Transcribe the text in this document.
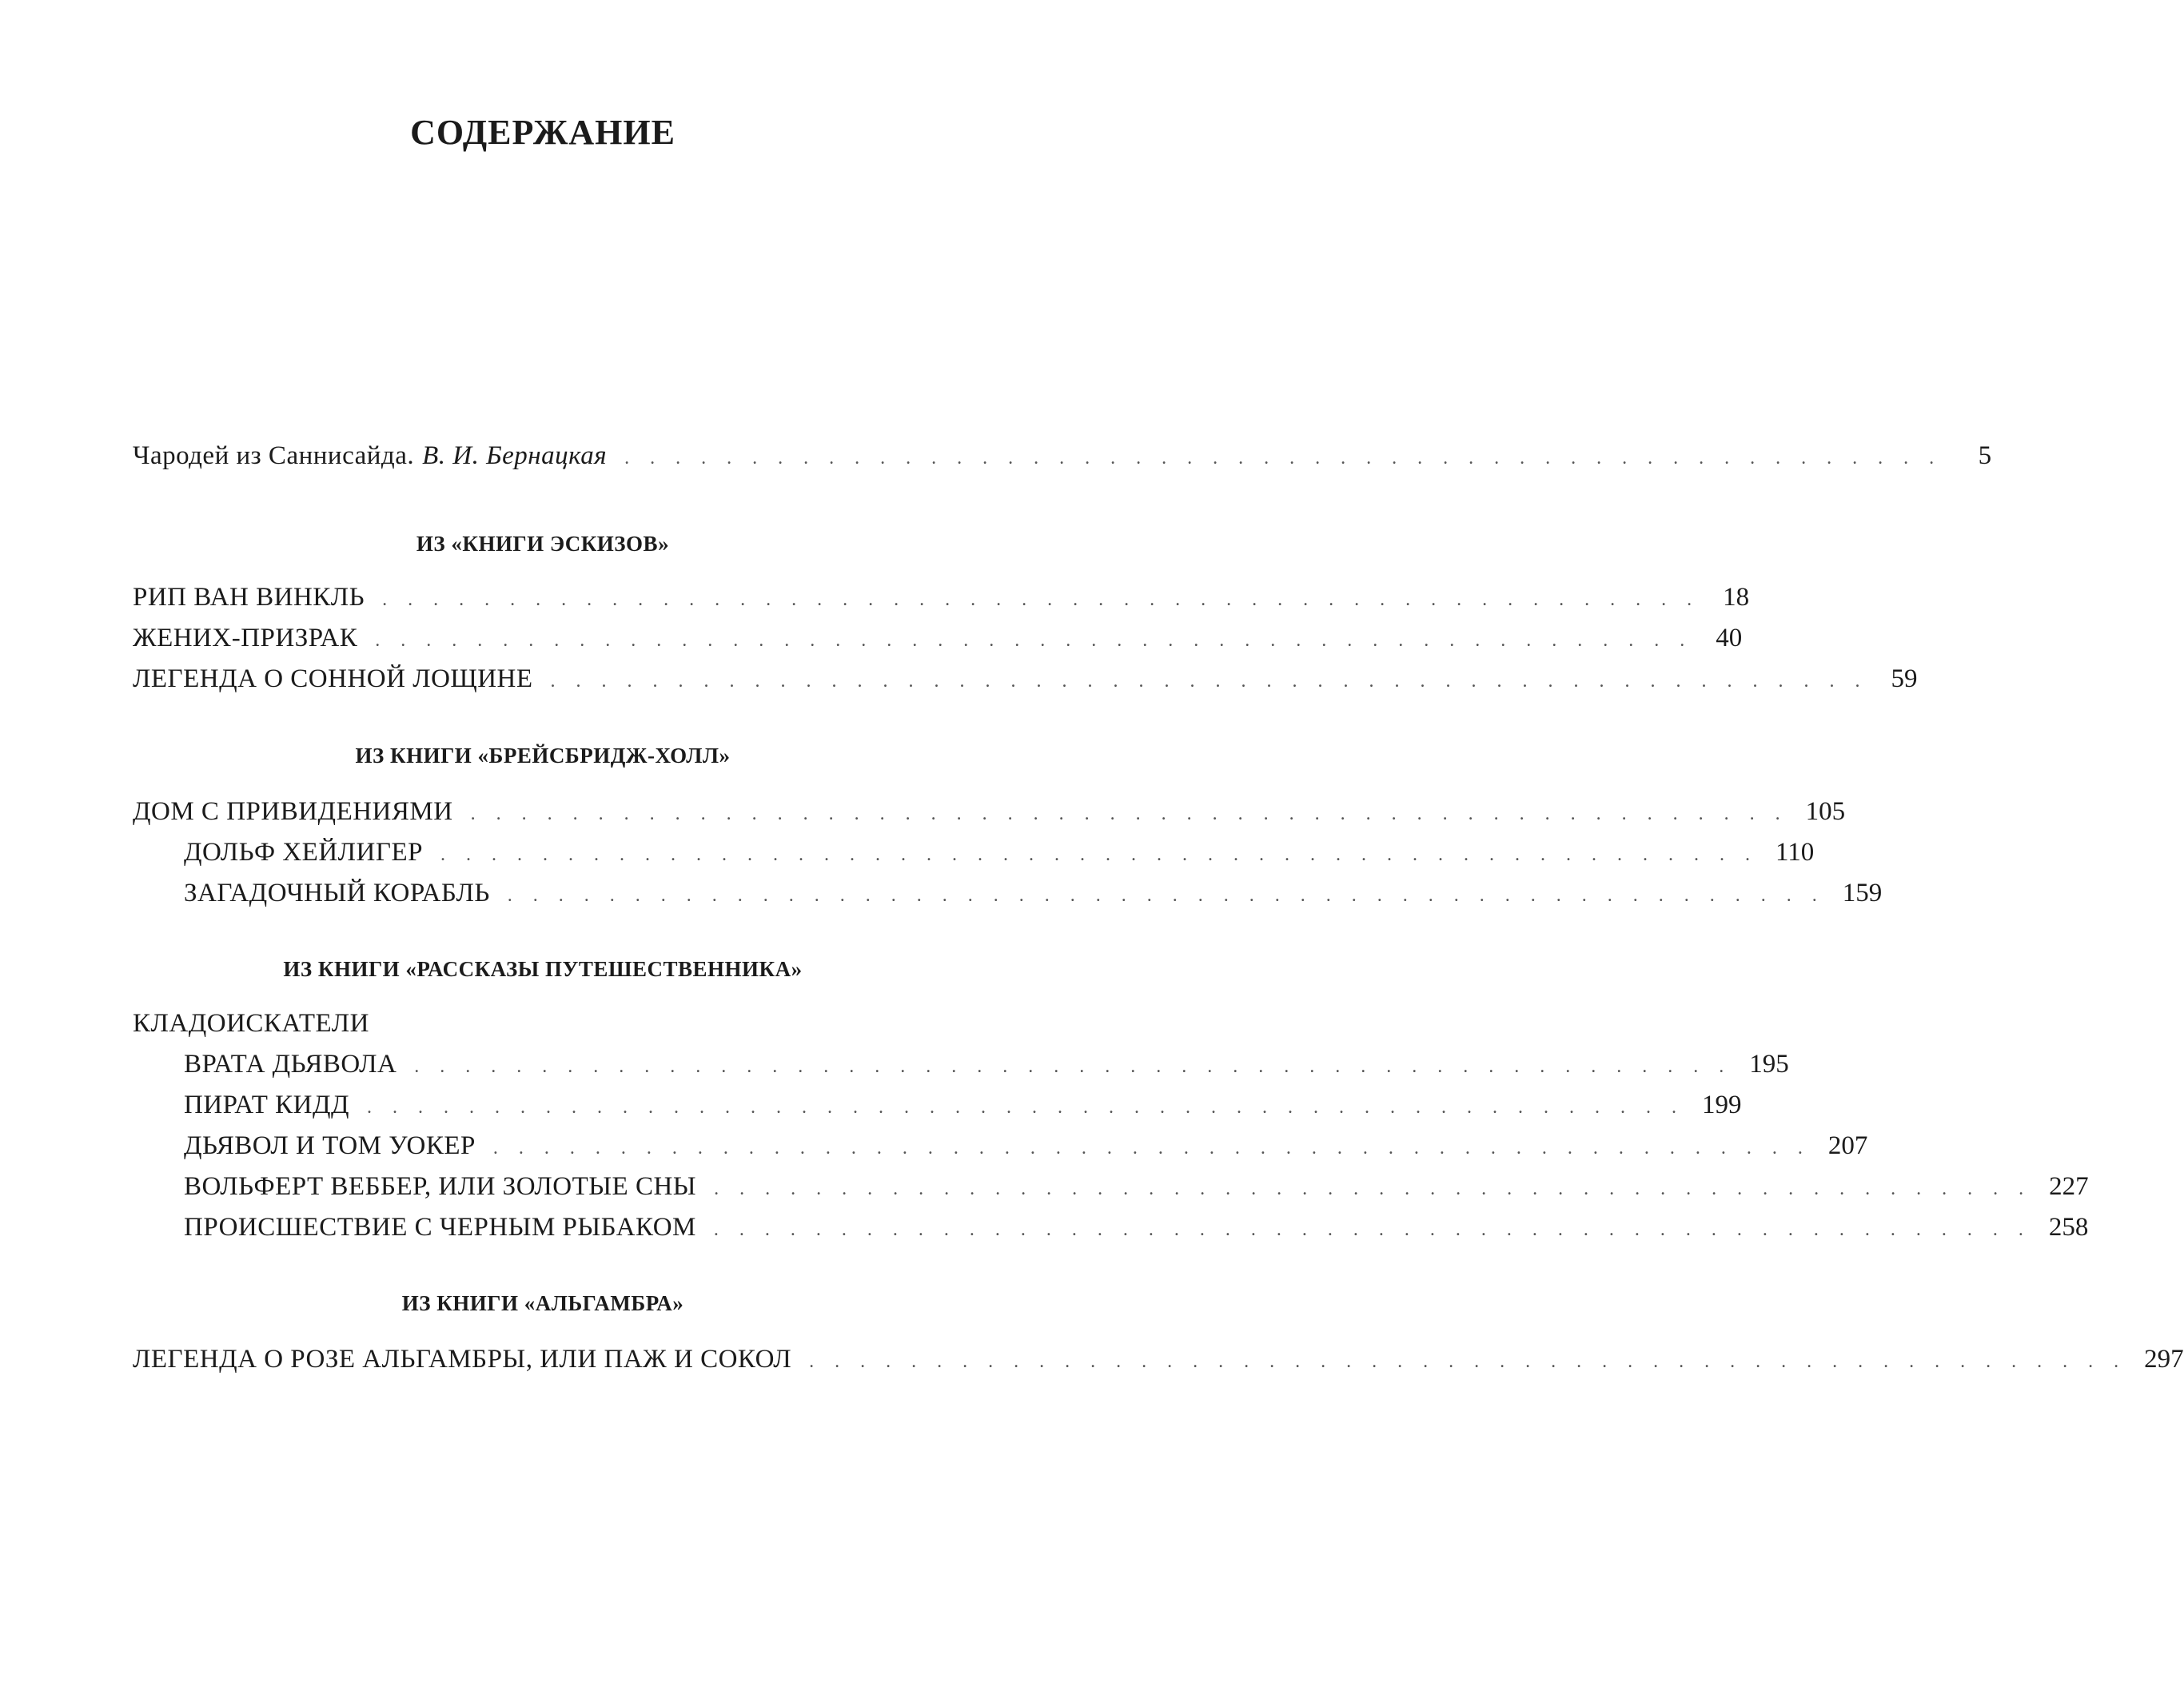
СОДЕРЖАНИЕ
Чародей из Саннисайда. В. И. Бернацкая . . . . . . . . . . . . . . . . . . . . . . . . . . . . . . . . . . . . . . . . . . . . . . . . . . . .	5
ИЗ «КНИГИ ЭСКИЗОВ»
РИП ВАН ВИНКЛЬ . . . . . . . . . . . . . . . . . . . . . . . . . . . . . . . . . . . . . . . . . . . . . . . . . . . . 18
ЖЕНИХ-ПРИЗРАК . . . . . . . . . . . . . . . . . . . . . . . . . . . . . . . . . . . . . . . . . . . . . . . . . . . . 40
ЛЕГЕНДА О СОННОЙ ЛОЩИНЕ . . . . . . . . . . . . . . . . . . . . . . . . . . . . . . . . . . . . . . . . . . . . . . . . . . . . 59
ИЗ КНИГИ «БРЕЙСБРИДЖ-ХОЛЛ»
ДОМ С ПРИВИДЕНИЯМИ . . . . . . . . . . . . . . . . . . . . . . . . . . . . . . . . . . . . . . . . . . . . . . . . . . . . 105
ДОЛЬФ ХЕЙЛИГЕР . . . . . . . . . . . . . . . . . . . . . . . . . . . . . . . . . . . . . . . . . . . . . . . . . . . . 110
ЗАГАДОЧНЫЙ КОРАБЛЬ . . . . . . . . . . . . . . . . . . . . . . . . . . . . . . . . . . . . . . . . . . . . . . . . . . . . 159
ИЗ КНИГИ «РАССКАЗЫ ПУТЕШЕСТВЕННИКА»
КЛАДОИСКАТЕЛИ
ВРАТА ДЬЯВОЛА . . . . . . . . . . . . . . . . . . . . . . . . . . . . . . . . . . . . . . . . . . . . . . . . . . . . 195
ПИРАТ КИДД . . . . . . . . . . . . . . . . . . . . . . . . . . . . . . . . . . . . . . . . . . . . . . . . . . . . 199
ДЬЯВОЛ И ТОМ УОКЕР . . . . . . . . . . . . . . . . . . . . . . . . . . . . . . . . . . . . . . . . . . . . . . . . . . . . 207
ВОЛЬФЕРТ ВЕББЕР, ИЛИ ЗОЛОТЫЕ СНЫ . . . . . . . . . . . . . . . . . . . . . . . . . . . . . . . . . . . . . . . . . . . . . . . . . . . . 227
ПРОИСШЕСТВИЕ С ЧЕРНЫМ РЫБАКОМ . . . . . . . . . . . . . . . . . . . . . . . . . . . . . . . . . . . . . . . . . . . . . . . . . . . . 258
ИЗ КНИГИ «АЛЬГАМБРА»
ЛЕГЕНДА О РОЗЕ АЛЬГАМБРЫ, ИЛИ ПАЖ И СОКОЛ . . . . . . . . . . . . . . . . . . . . . . . . . . . . . . . . . . . . . . . . . . . . . . . . . . . . 297
